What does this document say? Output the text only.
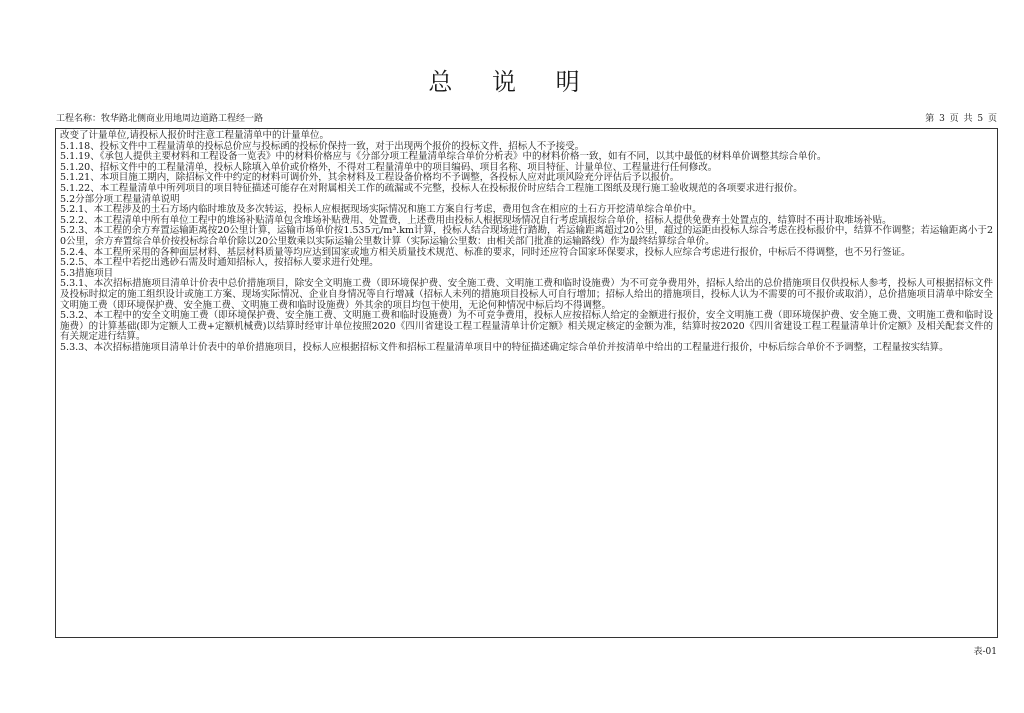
总 说 明
工程名称：牧华路北侧商业用地周边道路工程经一路	第 3 页 共 5 页

改变了计量单位,请投标人报价时注意工程量清单中的计量单位。

5.1.18、投标文件中工程量清单的投标总价应与投标函的投标价保持一致，对于出现两个报价的投标文件，招标人不予接受。

5.1.19、《承包人提供主要材料和工程设备一览表》中的材料价格应与《分部分项工程量清单综合单价分析表》中的材料价格一致，如有不同，以其中最低的材料单价调整其综合单价。

5.1.20、招标文件中的工程量清单，投标人除填入单价或价格外，不得对工程量清单中的项目编码、项目名称、项目特征、计量单位、工程量进行任何修改。

5.1.21、本项目施工期内，除招标文件中约定的材料可调价外，其余材料及工程设备价格均不予调整，各投标人应对此项风险充分评估后予以报价。

5.1.22、本工程量清单中所列项目的项目特征描述可能存在对附属相关工作的疏漏或不完整，投标人在投标报价时应结合工程施工图纸及现行施工验收规范的各项要求进行报价。

5.2分部分项工程量清单说明

5.2.1、本工程涉及的土石方场内临时堆放及多次转运，投标人应根据现场实际情况和施工方案自行考虑，费用包含在相应的土石方开挖清单综合单价中。

5.2.2、本工程清单中所有单位工程中的堆场补贴清单包含堆场补贴费用、处置费，上述费用由投标人根据现场情况自行考虑填报综合单价，招标人提供免费弃土处置点的，结算时不再计取堆场补贴。

5.2.3、本工程的余方弃置运输距离按20公里计算，运输市场单价按1.535元/m³.km计算，投标人结合现场进行踏勘，若运输距离超过20公里，超过的运距由投标人综合考虑在投标报价中，结算不作调整；若运输距离小于20公里，余方弃置综合单价按投标综合单价除以20公里数乘以实际运输公里数计算（实际运输公里数：由相关部门批准的运输路线）作为最终结算综合单价。

5.2.4、本工程所采用的各种面层材料、基层材料质量等均应达到国家或地方相关质量技术规范、标准的要求，同时还应符合国家环保要求，投标人应综合考虑进行报价，中标后不得调整，也不另行签证。

5.2.5、本工程中若挖出逃砂石需及时通知招标人，按招标人要求进行处理。

5.3措施项目

5.3.1、本次招标措施项目清单计价表中总价措施项目，除安全文明施工费（即环境保护费、安全施工费、文明施工费和临时设施费）为不可竞争费用外，招标人给出的总价措施项目仅供投标人参考，投标人可根据招标文件及投标时拟定的施工组织设计或施工方案、现场实际情况、企业自身情况等自行增减（招标人未列的措施项目投标人可自行增加；招标人给出的措施项目，投标人认为不需要的可不报价或取消），总价措施项目清单中除安全文明施工费（即环境保护费、安全施工费、文明施工费和临时设施费）外其余的项目均包干使用，无论何种情况中标后均不得调整。

5.3.2、本工程中的安全文明施工费（即环境保护费、安全施工费、文明施工费和临时设施费）为不可竞争费用，投标人应按招标人给定的金额进行报价，安全文明施工费（即环境保护费、安全施工费、文明施工费和临时设施费）的计算基础(即为定额人工费+定额机械费)以结算时经审计单位按照2020《四川省建设工程工程量清单计价定额》相关规定核定的金额为准，结算时按2020《四川省建设工程工程量清单计价定额》及相关配套文件的有关规定进行结算。

5.3.3、本次招标措施项目清单计价表中的单价措施项目，投标人应根据招标文件和招标工程量清单项目中的特征描述确定综合单价并按清单中给出的工程量进行报价，中标后综合单价不予调整，工程量按实结算。

表-01
